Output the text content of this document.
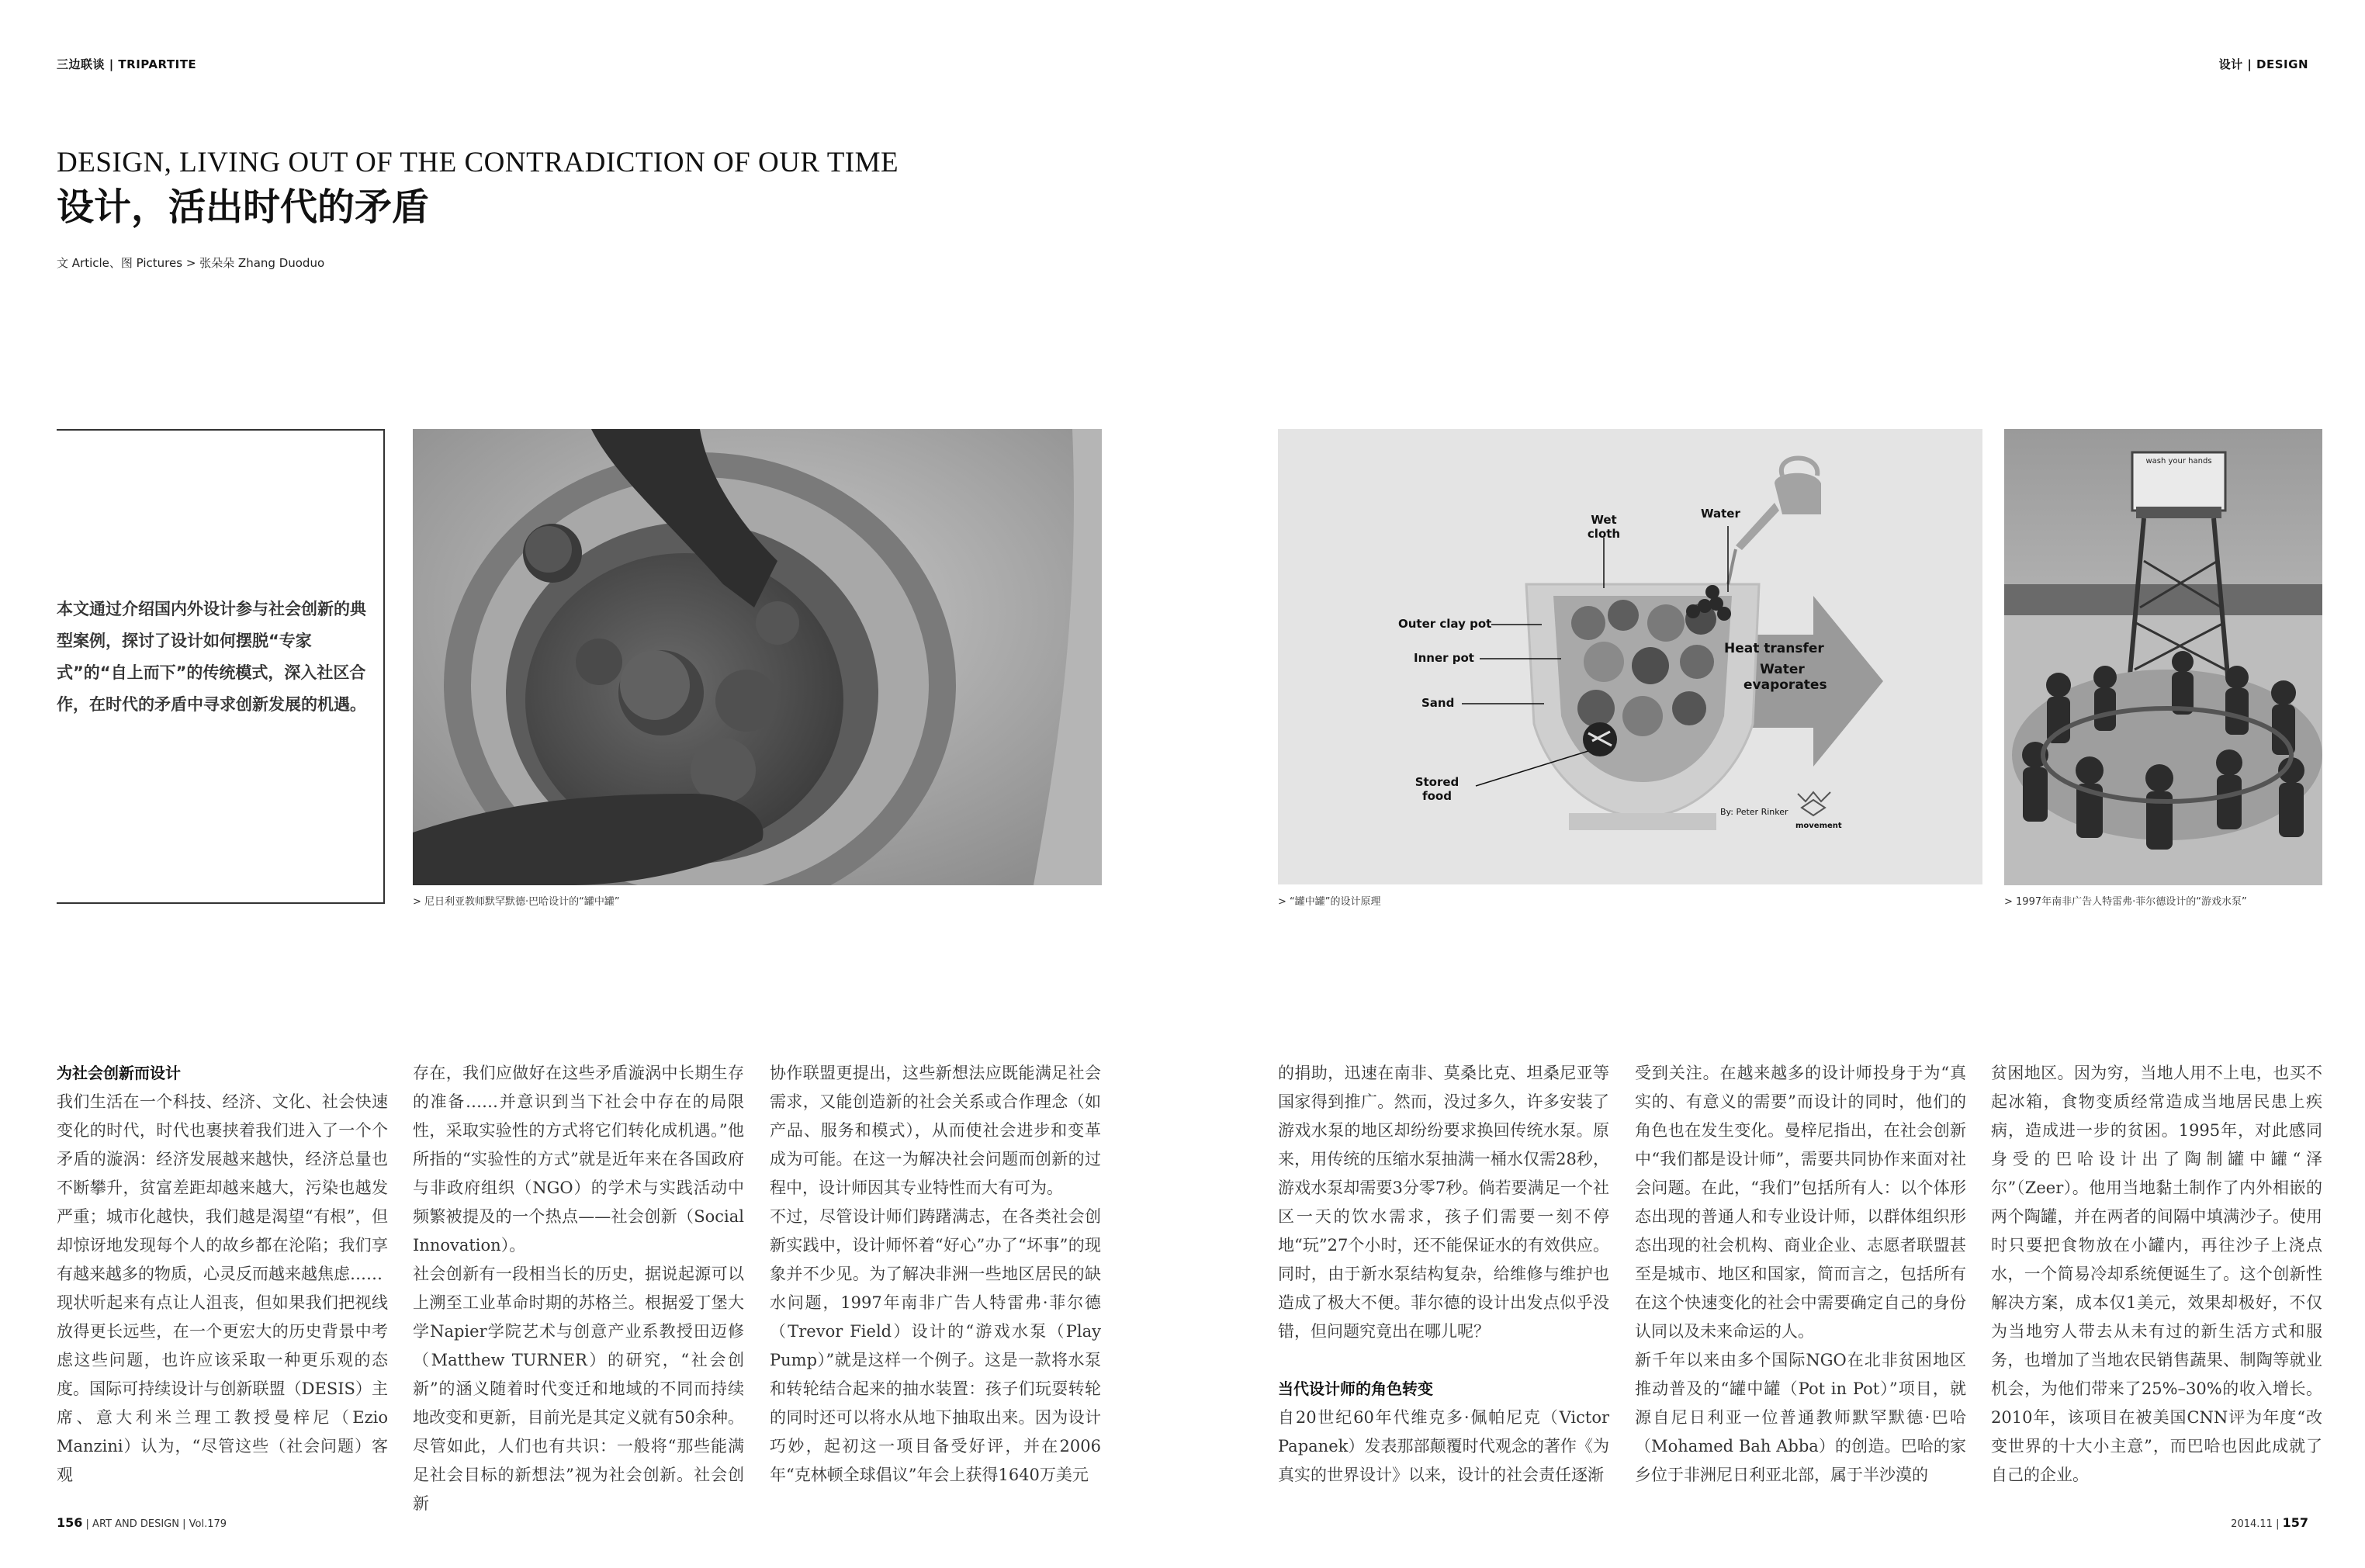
三边联谈 | TRIPARTITE	设计 | DESIGN
DESIGN, LIVING OUT OF THE CONTRADICTION OF OUR TIME
设计，活出时代的矛盾
文 Article、图 Pictures > 张朵朵 Zhang Duoduo
本文通过介绍国内外设计参与社会创新的典型案例，探讨了设计如何摆脱“专家式”的“自上而下”的传统模式，深入社区合作，在时代的矛盾中寻求创新发展的机遇。
> 尼日利亚教师默罕默德·巴哈设计的“罐中罐”
Wet cloth
Water
Outer clay pot
Inner pot
Sand
Stored food
Heat transfer
Water evaporates
By: Peter Rinker
movement
> “罐中罐”的设计原理
wash your hands
> 1997年南非广告人特雷弗·菲尔德设计的“游戏水泵”
为社会创新而设计

我们生活在一个科技、经济、文化、社会快速变化的时代，时代也裹挟着我们进入了一个个矛盾的漩涡：经济发展越来越快，经济总量也不断攀升，贫富差距却越来越大，污染也越发严重；城市化越快，我们越是渴望“有根”，但却惊讶地发现每个人的故乡都在沦陷；我们享有越来越多的物质，心灵反而越来越焦虑……

现状听起来有点让人沮丧，但如果我们把视线放得更长远些，在一个更宏大的历史背景中考虑这些问题，也许应该采取一种更乐观的态度。国际可持续设计与创新联盟（DESIS）主席、意大利米兰理工教授曼梓尼（Ezio Manzini）认为，“尽管这些（社会问题）客观

存在，我们应做好在这些矛盾漩涡中长期生存的准备……并意识到当下社会中存在的局限性，采取实验性的方式将它们转化成机遇。”他所指的“实验性的方式”就是近年来在各国政府与非政府组织（NGO）的学术与实践活动中频繁被提及的一个热点——社会创新（Social Innovation）。

社会创新有一段相当长的历史，据说起源可以上溯至工业革命时期的苏格兰。根据爱丁堡大学Napier学院艺术与创意产业系教授田迈修（Matthew TURNER）的研究，“社会创新”的涵义随着时代变迁和地域的不同而持续地改变和更新，目前光是其定义就有50余种。尽管如此，人们也有共识：一般将“那些能满足社会目标的新想法”视为社会创新。社会创新

协作联盟更提出，这些新想法应既能满足社会需求，又能创造新的社会关系或合作理念（如产品、服务和模式），从而使社会进步和变革成为可能。在这一为解决社会问题而创新的过程中，设计师因其专业特性而大有可为。

不过，尽管设计师们踌躇满志，在各类社会创新实践中，设计师怀着“好心”办了“坏事”的现象并不少见。为了解决非洲一些地区居民的缺水问题，1997年南非广告人特雷弗·菲尔德（Trevor Field）设计的“游戏水泵（Play Pump）”就是这样一个例子。这是一款将水泵和转轮结合起来的抽水装置：孩子们玩耍转轮的同时还可以将水从地下抽取出来。因为设计巧妙，起初这一项目备受好评，并在2006年“克林顿全球倡议”年会上获得1640万美元

的捐助，迅速在南非、莫桑比克、坦桑尼亚等国家得到推广。然而，没过多久，许多安装了游戏水泵的地区却纷纷要求换回传统水泵。原来，用传统的压缩水泵抽满一桶水仅需28秒，游戏水泵却需要3分零7秒。倘若要满足一个社区一天的饮水需求，孩子们需要一刻不停地“玩”27个小时，还不能保证水的有效供应。同时，由于新水泵结构复杂，给维修与维护也造成了极大不便。菲尔德的设计出发点似乎没错，但问题究竟出在哪儿呢？

当代设计师的角色转变

自20世纪60年代维克多·佩帕尼克（Victor Papanek）发表那部颠覆时代观念的著作《为真实的世界设计》以来，设计的社会责任逐渐

受到关注。在越来越多的设计师投身于为“真实的、有意义的需要”而设计的同时，他们的角色也在发生变化。曼梓尼指出，在社会创新中“我们都是设计师”，需要共同协作来面对社会问题。在此，“我们”包括所有人：以个体形态出现的普通人和专业设计师，以群体组织形态出现的社会机构、商业企业、志愿者联盟甚至是城市、地区和国家，简而言之，包括所有在这个快速变化的社会中需要确定自己的身份认同以及未来命运的人。

新千年以来由多个国际NGO在北非贫困地区推动普及的“罐中罐（Pot in Pot）”项目，就源自尼日利亚一位普通教师默罕默德·巴哈（Mohamed Bah Abba）的创造。巴哈的家乡位于非洲尼日利亚北部，属于半沙漠的

贫困地区。因为穷，当地人用不上电，也买不起冰箱，食物变质经常造成当地居民患上疾病，造成进一步的贫困。1995年，对此感同身受的巴哈设计出了陶制罐中罐“泽尔”（Zeer）。他用当地黏土制作了内外相嵌的两个陶罐，并在两者的间隔中填满沙子。使用时只要把食物放在小罐内，再往沙子上浇点水，一个简易冷却系统便诞生了。这个创新性解决方案，成本仅1美元，效果却极好，不仅为当地穷人带去从未有过的新生活方式和服务，也增加了当地农民销售蔬果、制陶等就业机会，为他们带来了25%–30%的收入增长。2010年，该项目在被美国CNN评为年度“改变世界的十大小主意”，而巴哈也因此成就了自己的企业。

156 | ART AND DESIGN | Vol.179	2014.11 | 157
